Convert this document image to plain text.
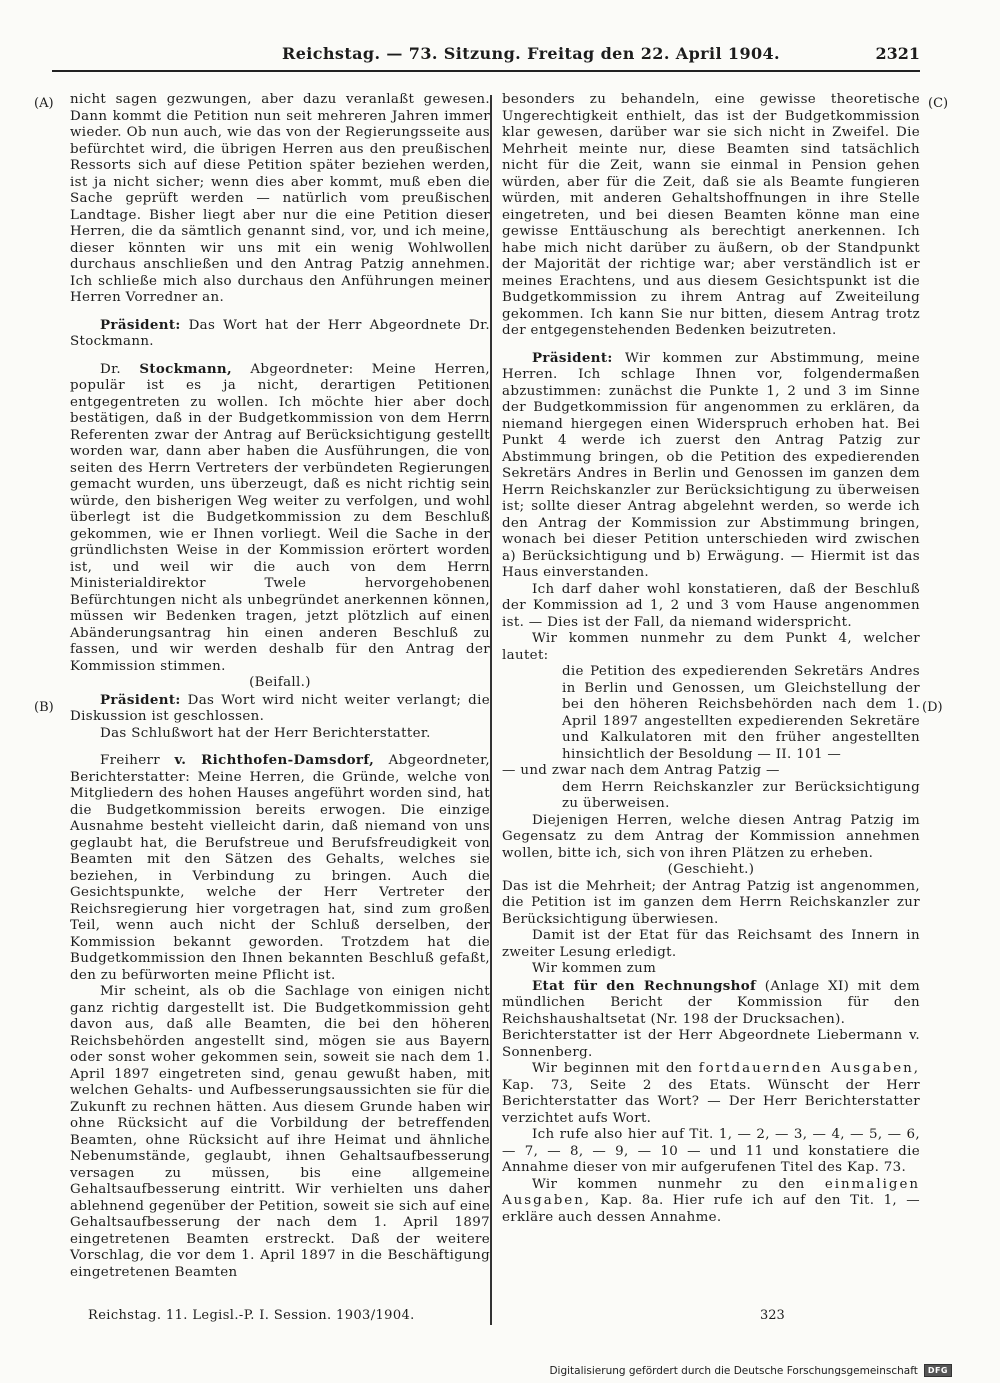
Reichstag. — 73. Sitzung. Freitag den 22. April 1904.	2321
(A)
(B)
(C)
(D)

nicht sagen gezwungen, aber dazu veranlaßt gewesen. Dann kommt die Petition nun seit mehreren Jahren immer wieder. Ob nun auch, wie das von der Regierungsseite aus befürchtet wird, die übrigen Herren aus den preußischen Ressorts sich auf diese Petition später beziehen werden, ist ja nicht sicher; wenn dies aber kommt, muß eben die Sache geprüft werden — natürlich vom preußischen Landtage. Bisher liegt aber nur die eine Petition dieser Herren, die da sämtlich genannt sind, vor, und ich meine, dieser könnten wir uns mit ein wenig Wohlwollen durchaus anschließen und den Antrag Patzig annehmen. Ich schließe mich also durchaus den Anführungen meiner Herren Vorredner an.

Präsident: Das Wort hat der Herr Abgeordnete Dr. Stockmann.

Dr. Stockmann, Abgeordneter: Meine Herren, populär ist es ja nicht, derartigen Petitionen entgegentreten zu wollen. Ich möchte hier aber doch bestätigen, daß in der Budgetkommission von dem Herrn Referenten zwar der Antrag auf Berücksichtigung gestellt worden war, dann aber haben die Ausführungen, die von seiten des Herrn Vertreters der verbündeten Regierungen gemacht wurden, uns überzeugt, daß es nicht richtig sein würde, den bisherigen Weg weiter zu verfolgen, und wohl überlegt ist die Budgetkommission zu dem Beschluß gekommen, wie er Ihnen vorliegt. Weil die Sache in der gründlichsten Weise in der Kommission erörtert worden ist, und weil wir die auch von dem Herrn Ministerialdirektor Twele hervorgehobenen Befürchtungen nicht als unbegründet anerkennen können, müssen wir Bedenken tragen, jetzt plötzlich auf einen Abänderungsantrag hin einen anderen Beschluß zu fassen, und wir werden deshalb für den Antrag der Kommission stimmen.

(Beifall.)

Präsident: Das Wort wird nicht weiter verlangt; die Diskussion ist geschlossen.

Das Schlußwort hat der Herr Berichterstatter.

Freiherr v. Richthofen-Damsdorf, Abgeordneter, Berichterstatter: Meine Herren, die Gründe, welche von Mitgliedern des hohen Hauses angeführt worden sind, hat die Budgetkommission bereits erwogen. Die einzige Ausnahme besteht vielleicht darin, daß niemand von uns geglaubt hat, die Berufstreue und Berufsfreudigkeit von Beamten mit den Sätzen des Gehalts, welches sie beziehen, in Verbindung zu bringen. Auch die Gesichtspunkte, welche der Herr Vertreter der Reichsregierung hier vorgetragen hat, sind zum großen Teil, wenn auch nicht der Schluß derselben, der Kommission bekannt geworden. Trotzdem hat die Budgetkommission den Ihnen bekannten Beschluß gefaßt, den zu befürworten meine Pflicht ist.

Mir scheint, als ob die Sachlage von einigen nicht ganz richtig dargestellt ist. Die Budgetkommission geht davon aus, daß alle Beamten, die bei den höheren Reichsbehörden angestellt sind, mögen sie aus Bayern oder sonst woher gekommen sein, soweit sie nach dem 1. April 1897 eingetreten sind, genau gewußt haben, mit welchen Gehalts- und Aufbesserungsaussichten sie für die Zukunft zu rechnen hätten. Aus diesem Grunde haben wir ohne Rücksicht auf die Vorbildung der betreffenden Beamten, ohne Rücksicht auf ihre Heimat und ähnliche Nebenumstände, geglaubt, ihnen Gehaltsaufbesserung versagen zu müssen, bis eine allgemeine Gehaltsaufbesserung eintritt. Wir verhielten uns daher ablehnend gegenüber der Petition, soweit sie sich auf eine Gehaltsaufbesserung der nach dem 1. April 1897 eingetretenen Beamten erstreckt. Daß der weitere Vorschlag, die vor dem 1. April 1897 in die Beschäftigung eingetretenen Beamten

besonders zu behandeln, eine gewisse theoretische Ungerechtigkeit enthielt, das ist der Budgetkommission klar gewesen, darüber war sie sich nicht in Zweifel. Die Mehrheit meinte nur, diese Beamten sind tatsächlich nicht für die Zeit, wann sie einmal in Pension gehen würden, aber für die Zeit, daß sie als Beamte fungieren würden, mit anderen Gehaltshoffnungen in ihre Stelle eingetreten, und bei diesen Beamten könne man eine gewisse Enttäuschung als berechtigt anerkennen. Ich habe mich nicht darüber zu äußern, ob der Standpunkt der Majorität der richtige war; aber verständlich ist er meines Erachtens, und aus diesem Gesichtspunkt ist die Budgetkommission zu ihrem Antrag auf Zweiteilung gekommen. Ich kann Sie nur bitten, diesem Antrag trotz der entgegenstehenden Bedenken beizutreten.

Präsident: Wir kommen zur Abstimmung, meine Herren. Ich schlage Ihnen vor, folgendermaßen abzustimmen: zunächst die Punkte 1, 2 und 3 im Sinne der Budgetkommission für angenommen zu erklären, da niemand hiergegen einen Widerspruch erhoben hat. Bei Punkt 4 werde ich zuerst den Antrag Patzig zur Abstimmung bringen, ob die Petition des expedierenden Sekretärs Andres in Berlin und Genossen im ganzen dem Herrn Reichskanzler zur Berücksichtigung zu überweisen ist; sollte dieser Antrag abgelehnt werden, so werde ich den Antrag der Kommission zur Abstimmung bringen, wonach bei dieser Petition unterschieden wird zwischen a) Berücksichtigung und b) Erwägung. — Hiermit ist das Haus einverstanden.

Ich darf daher wohl konstatieren, daß der Beschluß der Kommission ad 1, 2 und 3 vom Hause angenommen ist. — Dies ist der Fall, da niemand widerspricht.

Wir kommen nunmehr zu dem Punkt 4, welcher lautet:

die Petition des expedierenden Sekretärs Andres in Berlin und Genossen, um Gleichstellung der bei den höheren Reichsbehörden nach dem 1. April 1897 angestellten expedierenden Sekretäre und Kalkulatoren mit den früher angestellten hinsichtlich der Besoldung — II. 101 —

— und zwar nach dem Antrag Patzig —

dem Herrn Reichskanzler zur Berücksichtigung zu überweisen.

Diejenigen Herren, welche diesen Antrag Patzig im Gegensatz zu dem Antrag der Kommission annehmen wollen, bitte ich, sich von ihren Plätzen zu erheben.

(Geschieht.)

Das ist die Mehrheit; der Antrag Patzig ist angenommen, die Petition ist im ganzen dem Herrn Reichskanzler zur Berücksichtigung überwiesen.

Damit ist der Etat für das Reichsamt des Innern in zweiter Lesung erledigt.

Wir kommen zum

Etat für den Rechnungshof (Anlage XI) mit dem mündlichen Bericht der Kommission für den Reichshaushaltsetat (Nr. 198 der Drucksachen).

Berichterstatter ist der Herr Abgeordnete Liebermann v. Sonnenberg.

Wir beginnen mit den fortdauernden Ausgaben, Kap. 73, Seite 2 des Etats. Wünscht der Herr Berichterstatter das Wort? — Der Herr Berichterstatter verzichtet aufs Wort.

Ich rufe also hier auf Tit. 1, — 2, — 3, — 4, — 5, — 6, — 7, — 8, — 9, — 10 — und 11 und konstatiere die Annahme dieser von mir aufgerufenen Titel des Kap. 73.

Wir kommen nunmehr zu den einmaligen Ausgaben, Kap. 8a. Hier rufe ich auf den Tit. 1, — erkläre auch dessen Annahme.

Reichstag. 11. Legisl.-P. I. Session. 1903/1904.	323
Digitalisierung gefördert durch die Deutsche Forschungsgemeinschaft	DFG
